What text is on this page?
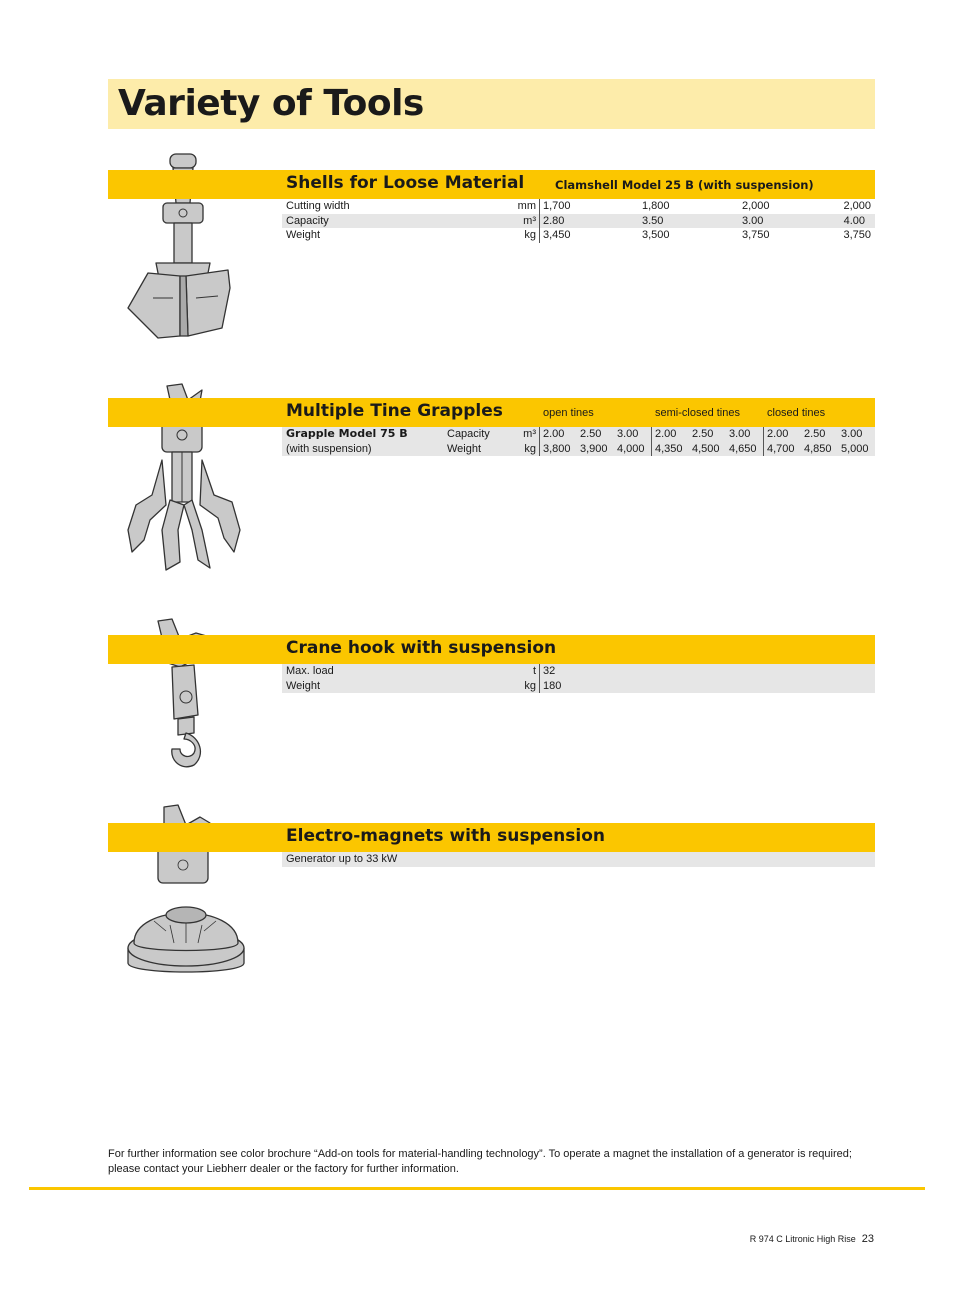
Variety of Tools
Shells for Loose Material	Clamshell Model 25 B (with suspension)
Cutting width	mm 1,700	1,800	2,000	2,000
Capacity	m³ 2.80	3.50	3.00	4.00
Weight	kg 3,450	3,500	3,750	3,750
Multiple Tine Grapples	open tines	semi-closed tines closed tines
Grapple Model 75 B	Capacity	m³ 2.00 2.50 3.00 2.00 2.50 3.00 2.00 2.50 3.00
(with suspension)	Weight	kg 3,800 3,900 4,000 4,350 4,500 4,650 4,700 4,850 5,000
Crane hook with suspension
Max. load	t 32
Weight	kg 180
Electro-magnets with suspension
Generator up to 33 kW
For further information see color brochure “Add-on tools for material-handling technology”. To operate a magnet the installation of a generator is required; please contact your Liebherr dealer or the factory for further information.
R 974 C Litronic High Rise 23
